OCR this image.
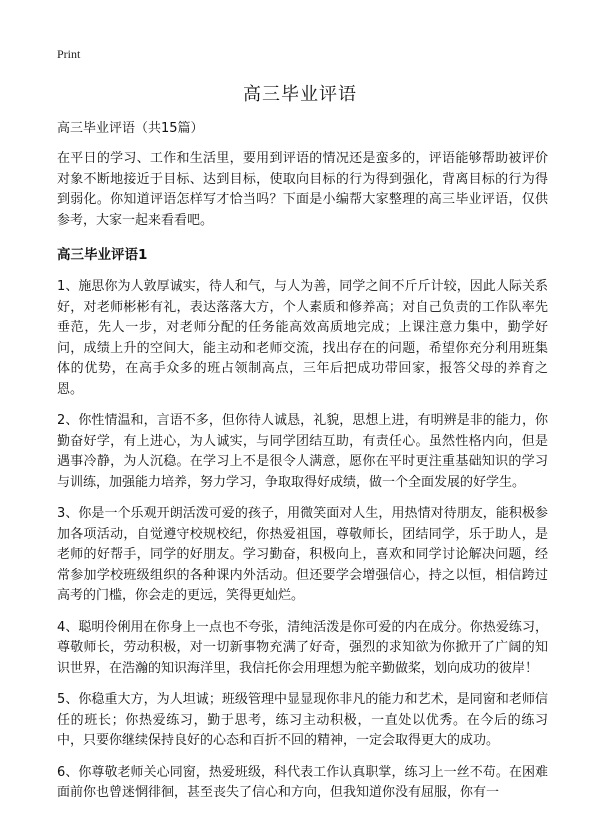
Print
高三毕业评语

高三毕业评语（共15篇）

在平日的学习、工作和生活里，要用到评语的情况还是蛮多的，评语能够帮助被评价对象不断地接近于目标、达到目标，使取向目标的行为得到强化，背离目标的行为得到弱化。你知道评语怎样写才恰当吗？下面是小编帮大家整理的高三毕业评语，仅供参考，大家一起来看看吧。

高三毕业评语1

1、施思你为人敦厚诚实，待人和气，与人为善，同学之间不斤斤计较，因此人际关系好，对老师彬彬有礼，表达落落大方，个人素质和修养高；对自己负责的工作队率先垂范，先人一步，对老师分配的任务能高效高质地完成；上课注意力集中，勤学好问，成绩上升的空间大，能主动和老师交流，找出存在的问题，希望你充分利用班集体的优势，在高手众多的班占领制高点，三年后把成功带回家，报答父母的养育之恩。

2、你性情温和，言语不多，但你待人诚恳，礼貌，思想上进，有明辨是非的能力，你勤奋好学，有上进心，为人诚实，与同学团结互助，有责任心。虽然性格内向，但是遇事冷静，为人沉稳。在学习上不是很令人满意，愿你在平时更注重基础知识的学习与训练，加强能力培养，努力学习，争取取得好成绩，做一个全面发展的好学生。

3、你是一个乐观开朗活泼可爱的孩子，用微笑面对人生，用热情对待朋友，能积极参加各项活动，自觉遵守校规校纪，你热爱祖国，尊敬师长，团结同学，乐于助人，是老师的好帮手，同学的好朋友。学习勤奋，积极向上，喜欢和同学讨论解决问题，经常参加学校班级组织的各种课内外活动。但还要学会增强信心，持之以恒，相信跨过高考的门槛，你会走的更远，笑得更灿烂。

4、聪明伶俐用在你身上一点也不夸张，清纯活泼是你可爱的内在成分。你热爱练习，尊敬师长，劳动积极，对一切新事物充满了好奇，强烈的求知欲为你掀开了广阔的知识世界，在浩瀚的知识海洋里，我信托你会用理想为舵辛勤做桨，划向成功的彼岸！

5、你稳重大方，为人坦诚；班级管理中显显现你非凡的能力和艺术，是同窗和老师信任的班长；你热爱练习，勤于思考，练习主动积极，一直处以优秀。在今后的练习中，只要你继续保持良好的心态和百折不回的精神，一定会取得更大的成功。

6、你尊敬老师关心同窗，热爱班级，科代表工作认真职掌，练习上一丝不苟。在困难面前你也曾迷惘徘徊，甚至丧失了信心和方向，但我知道你没有屈服，你有一
